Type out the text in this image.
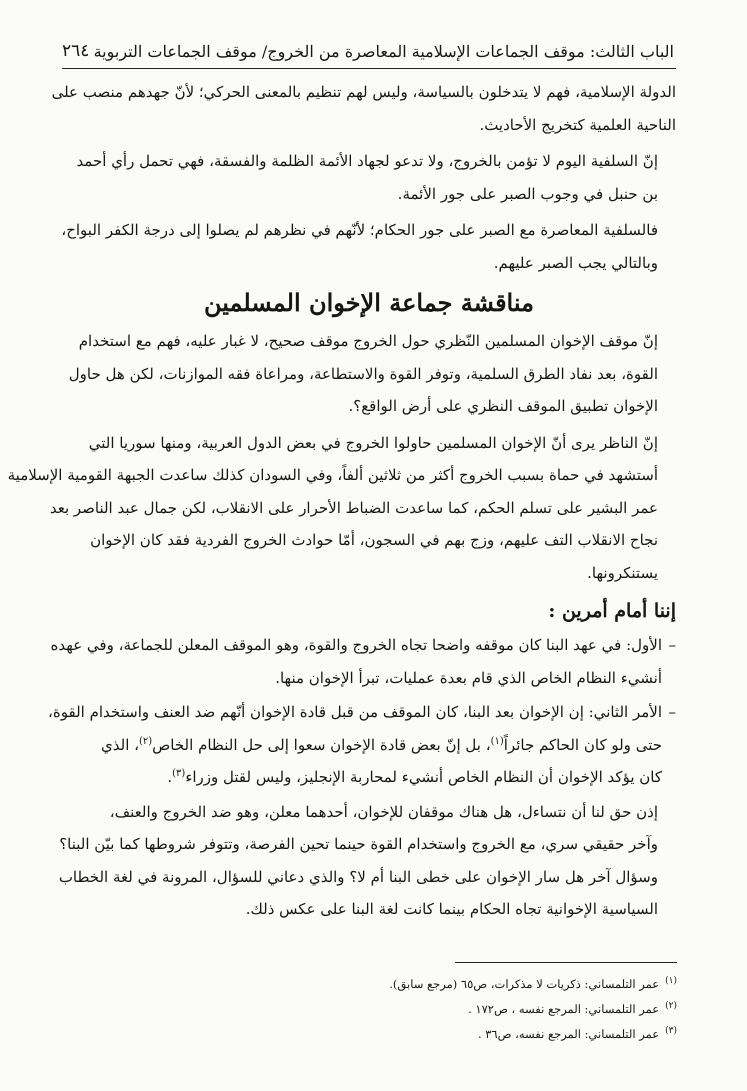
٢٦٤ الباب الثالث: موقف الجماعات الإسلامية المعاصرة من الخروج/ موقف الجماعات التربوية

الدولة الإسلامية، فهم لا يتدخلون بالسياسة، وليس لهم تنظيم بالمعنى الحركي؛ لأنّ جهدهم منصب على
الناحية العلمية كتخريج الأحاديث.

إنّ السلفية اليوم لا تؤمن بالخروج، ولا تدعو لجهاد الأئمة الظلمة والفسقة، فهي تحمل رأي أحمد
بن حنبل في وجوب الصبر على جور الأئمة.

فالسلفية المعاصرة مع الصبر على جور الحكام؛ لأنّهم في نظرهم لم يصلوا إلى درجة الكفر البواح،
وبالتالي يجب الصبر عليهم.

مناقشة جماعة الإخوان المسلمين

إنّ موقف الإخوان المسلمين النّظري حول الخروج موقف صحيح، لا غبار عليه، فهم مع استخدام
القوة، بعد نفاد الطرق السلمية، وتوفر القوة والاستطاعة، ومراعاة فقه الموازنات، لكن هل حاول
الإخوان تطبيق الموقف النظري على أرض الواقع؟.

إنّ الناظر يرى أنّ الإخوان المسلمين حاولوا الخروج في بعض الدول العربية، ومنها سوريا التي
أستشهد في حماة بسبب الخروج أكثر من ثلاثين ألفاً، وفي السودان كذلك ساعدت الجبهة القومية الإسلامية
عمر البشير على تسلم الحكم، كما ساعدت الضباط الأحرار على الانقلاب، لكن جمال عبد الناصر بعد
نجاح الانقلاب التف عليهم، وزج بهم في السجون، أمّا حوادث الخروج الفردية فقد كان الإخوان
يستنكرونها.

إننا أمام أمرين :
–الأول: في عهد البنا كان موقفه واضحا تجاه الخروج والقوة، وهو الموقف المعلن للجماعة، وفي عهده
أنشيء النظام الخاص الذي قام بعدة عمليات، تبرأ الإخوان منها.
–الأمر الثاني: إن الإخوان بعد البنا، كان الموقف من قبل قادة الإخوان أنّهم ضد العنف واستخدام القوة،
حتى ولو كان الحاكم جائراً$^{(١)}$، بل إنّ بعض قادة الإخوان سعوا إلى حل النظام الخاص$^{(٢)}$، الذي
كان يؤكد الإخوان أن النظام الخاص أنشيء لمحاربة الإنجليز، وليس لقتل وزراء$^{(٣)}$.

إذن حق لنا أن نتساءل، هل هناك موقفان للإخوان، أحدهما معلن، وهو ضد الخروج والعنف،
وآخر حقيقي سري، مع الخروج واستخدام القوة حينما تحين الفرصة، وتتوفر شروطها كما بيّن البنا؟
وسؤال آخر هل سار الإخوان على خطى البنا أم لا؟ والذي دعاني للسؤال، المرونة في لغة الخطاب
السياسية الإخوانية تجاه الحكام بينما كانت لغة البنا على عكس ذلك.

$^{(١)}$عمر التلمساني: ذكريات لا مذكرات، ص٦٥ (مرجع سابق).
$^{(٢)}$عمر التلمساني: المرجع نفسه ، ص١٧٢ .
$^{(٣)}$عمر التلمساني: المرجع نفسه، ص٣٦ .
